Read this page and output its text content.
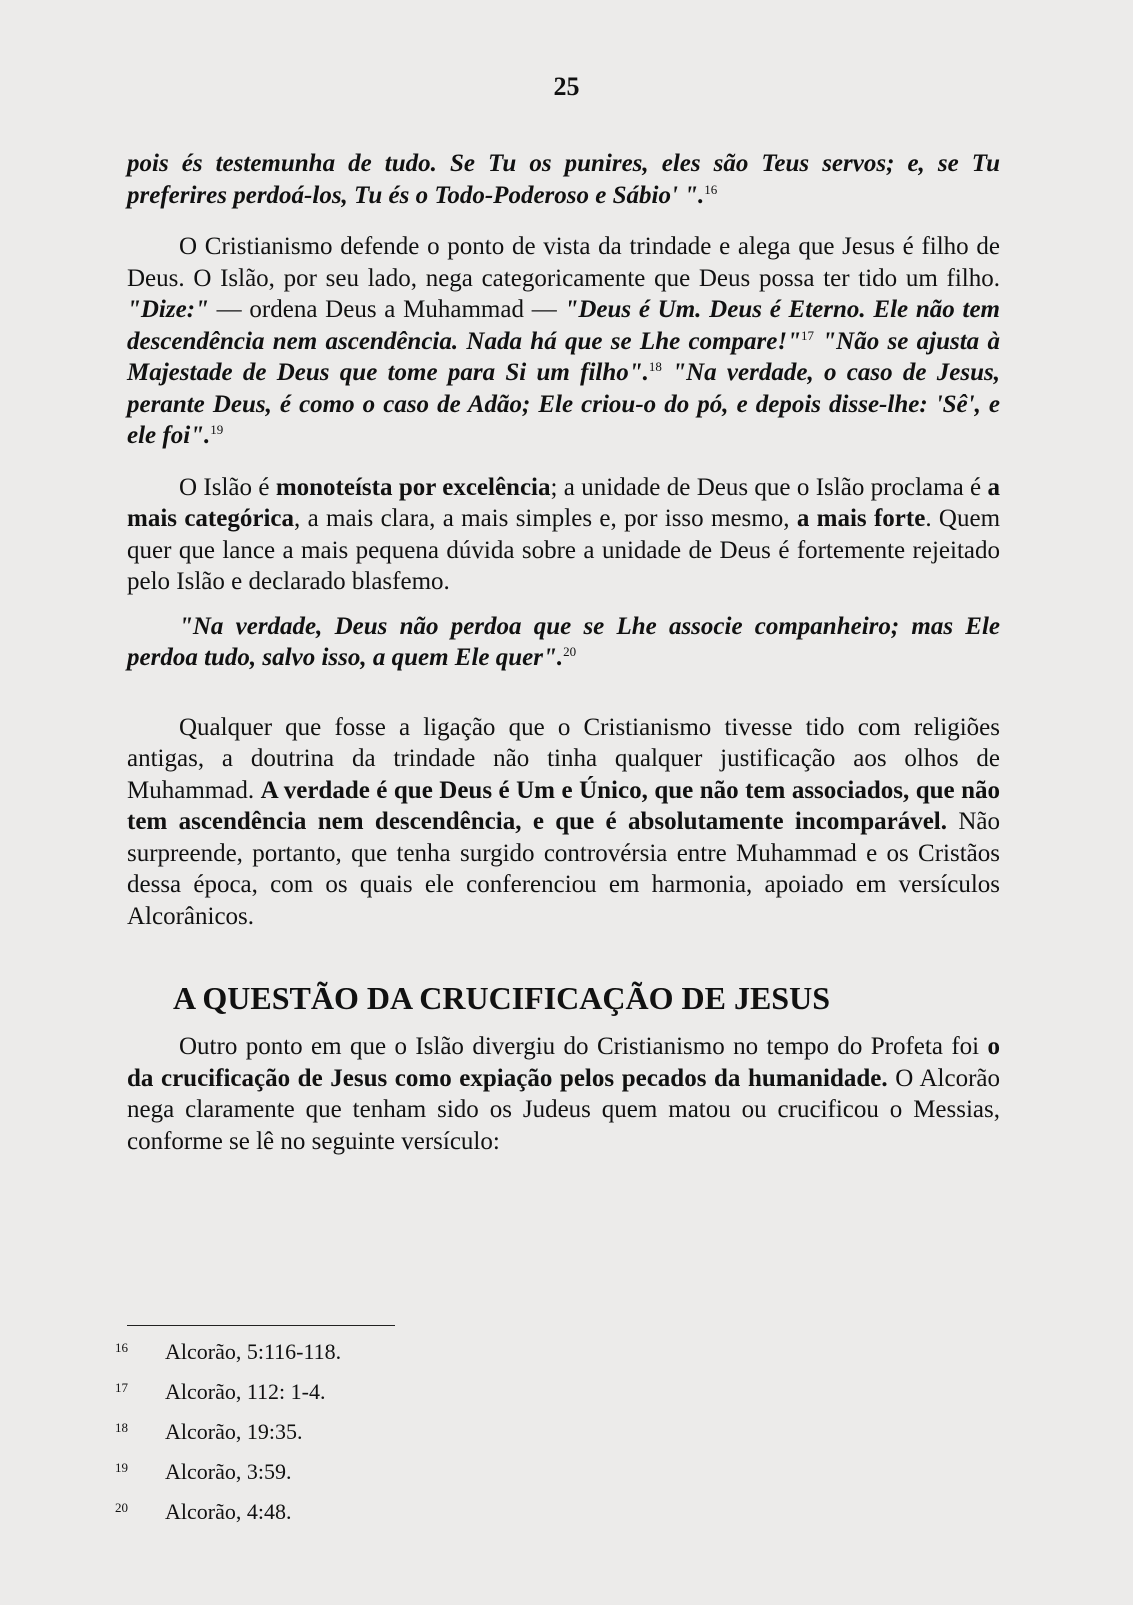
25

pois és testemunha de tudo. Se Tu os punires, eles são Teus servos; e, se Tu preferires perdoá-los, Tu és o Todo-Poderoso e Sábio' ".$^{16}$

O Cristianismo defende o ponto de vista da trindade e alega que Jesus é filho de Deus. O Islão, por seu lado, nega categoricamente que Deus possa ter tido um filho. "Dize:" — ordena Deus a Muhammad — "Deus é Um. Deus é Eterno. Ele não tem descendência nem ascendência. Nada há que se Lhe compare!"$^{17}$ "Não se ajusta à Majestade de Deus que tome para Si um filho".$^{18}$ "Na verdade, o caso de Jesus, perante Deus, é como o caso de Adão; Ele criou-o do pó, e depois disse-lhe: 'Sê', e ele foi".$^{19}$

O Islão é monoteísta por excelência; a unidade de Deus que o Islão proclama é a mais categórica, a mais clara, a mais simples e, por isso mesmo, a mais forte. Quem quer que lance a mais pequena dúvida sobre a unidade de Deus é fortemente rejeitado pelo Islão e declarado blasfemo.

"Na verdade, Deus não perdoa que se Lhe associe companheiro; mas Ele perdoa tudo, salvo isso, a quem Ele quer".$^{20}$

Qualquer que fosse a ligação que o Cristianismo tivesse tido com religiões antigas, a doutrina da trindade não tinha qualquer justificação aos olhos de Muhammad. A verdade é que Deus é Um e Único, que não tem associados, que não tem ascendência nem descendência, e que é absolutamente incomparável. Não surpreende, portanto, que tenha surgido controvérsia entre Muhammad e os Cristãos dessa época, com os quais ele conferenciou em harmonia, apoiado em versículos Alcorânicos.

A QUESTÃO DA CRUCIFICAÇÃO DE JESUS

Outro ponto em que o Islão divergiu do Cristianismo no tempo do Profeta foi o da crucificação de Jesus como expiação pelos pecados da humanidade. O Alcorão nega claramente que tenham sido os Judeus quem matou ou crucificou o Messias, conforme se lê no seguinte versículo:

16	Alcorão, 5:116-118.
17	Alcorão, 112: 1-4.
18	Alcorão, 19:35.
19	Alcorão, 3:59.
20	Alcorão, 4:48.
